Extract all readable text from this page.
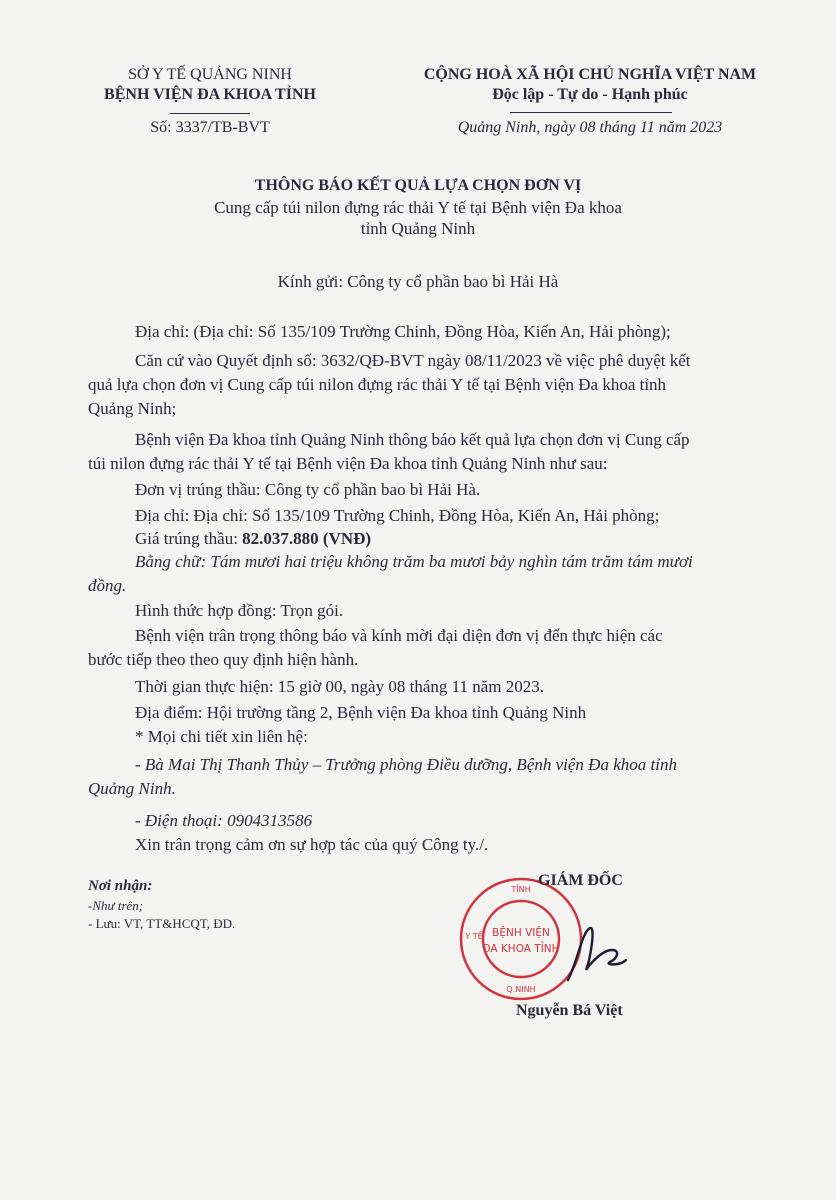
SỞ Y TẾ QUẢNG NINH
BỆNH VIỆN ĐA KHOA TỈNH
Số: 3337/TB-BVT
CỘNG HOÀ XÃ HỘI CHỦ NGHĨA VIỆT NAM
Độc lập - Tự do - Hạnh phúc
Quảng Ninh, ngày 08 tháng 11 năm 2023
THÔNG BÁO KẾT QUẢ LỰA CHỌN ĐƠN VỊ
Cung cấp túi nilon đựng rác thải Y tế tại Bệnh viện Đa khoa
tỉnh Quảng Ninh
Kính gửi: Công ty cổ phần bao bì Hải Hà
Địa chỉ: (Địa chỉ: Số 135/109 Trường Chinh, Đồng Hòa, Kiến An, Hải phòng);
Căn cứ vào Quyết định số: 3632/QĐ-BVT ngày 08/11/2023 về việc phê duyệt kết
quả lựa chọn đơn vị Cung cấp túi nilon đựng rác thải Y tế tại Bệnh viện Đa khoa tỉnh
Quảng Ninh;
Bệnh viện Đa khoa tỉnh Quảng Ninh thông báo kết quả lựa chọn đơn vị Cung cấp
túi nilon đựng rác thải Y tế tại Bệnh viện Đa khoa tỉnh Quảng Ninh như sau:
Đơn vị trúng thầu: Công ty cổ phần bao bì Hải Hà.
Địa chỉ: Địa chỉ: Số 135/109 Trường Chinh, Đồng Hòa, Kiến An, Hải phòng;
Giá trúng thầu: 82.037.880 (VNĐ)
Bằng chữ: Tám mươi hai triệu không trăm ba mươi bảy nghìn tám trăm tám mươi
đồng.
Hình thức hợp đồng: Trọn gói.
Bệnh viện trân trọng thông báo và kính mời đại diện đơn vị đến thực hiện các
bước tiếp theo theo quy định hiện hành.
Thời gian thực hiện: 15 giờ 00, ngày 08 tháng 11 năm 2023.
Địa điểm: Hội trường tầng 2, Bệnh viện Đa khoa tỉnh Quảng Ninh
* Mọi chi tiết xin liên hệ:
- Bà Mai Thị Thanh Thủy – Trưởng phòng Điều dưỡng, Bệnh viện Đa khoa tỉnh
Quảng Ninh.
- Điện thoại: 0904313586
Xin trân trọng cảm ơn sự hợp tác của quý Công ty./.
Nơi nhận:
-Như trên;
- Lưu: VT, TT&HCQT, ĐD.
TỈNH
Y TẾ
Q.NINH
BỆNH VIỆN
ĐA KHOA TỈNH
GIÁM ĐỐC
Nguyễn Bá Việt
